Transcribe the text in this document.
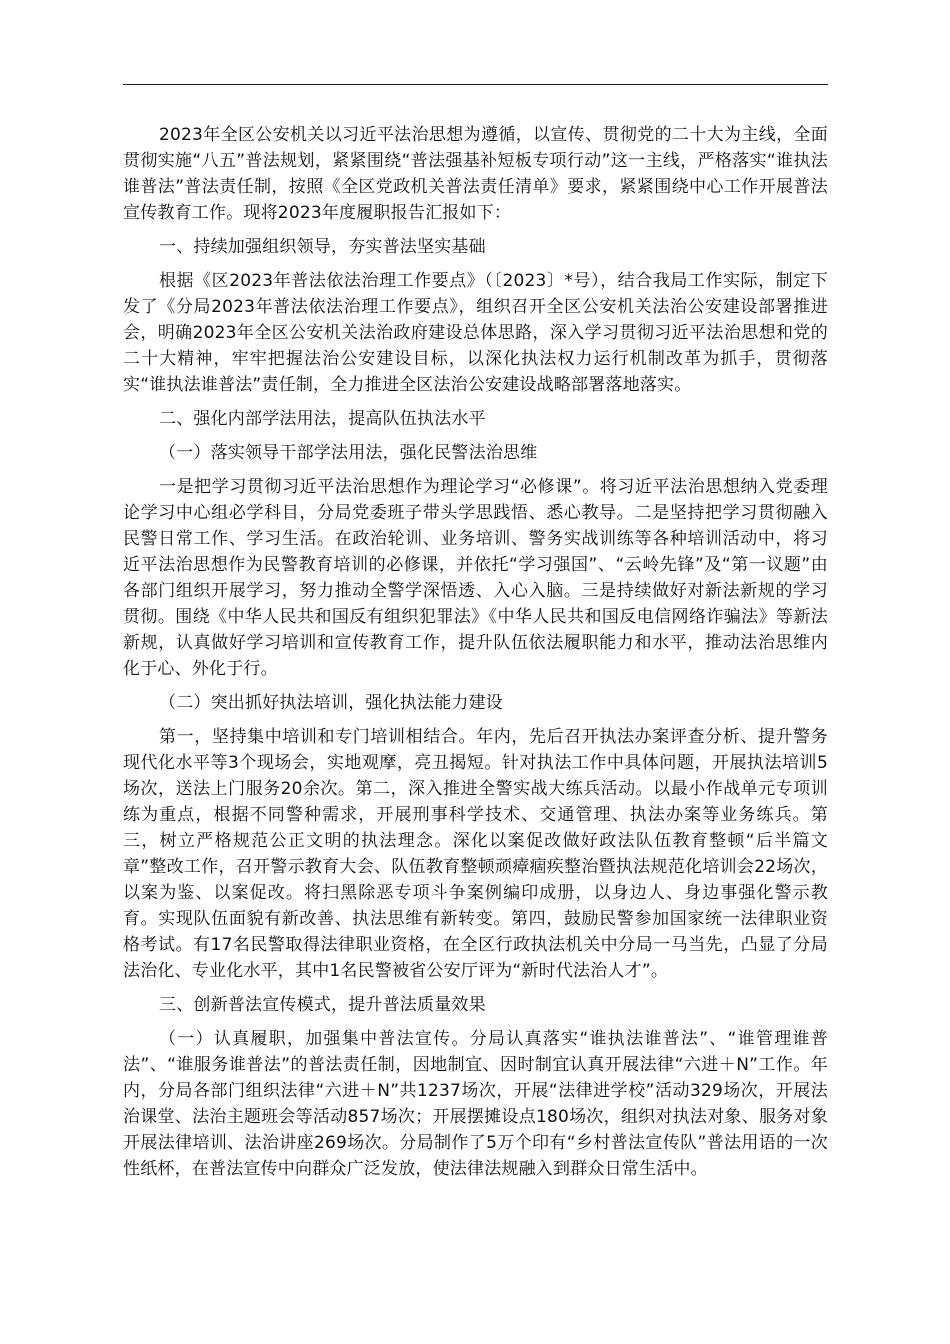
2023年全区公安机关以习近平法治思想为遵循，以宣传、贯彻党的二十大为主线，全面贯彻实施“八五”普法规划，紧紧围绕“普法强基补短板专项行动”这一主线，严格落实“谁执法谁普法”普法责任制，按照《全区党政机关普法责任清单》要求，紧紧围绕中心工作开展普法宣传教育工作。现将2023年度履职报告汇报如下：

一、持续加强组织领导，夯实普法坚实基础

根据《区2023年普法依法治理工作要点》（〔2023〕*号），结合我局工作实际，制定下发了《分局2023年普法依法治理工作要点》，组织召开全区公安机关法治公安建设部署推进会，明确2023年全区公安机关法治政府建设总体思路，深入学习贯彻习近平法治思想和党的二十大精神，牢牢把握法治公安建设目标，以深化执法权力运行机制改革为抓手，贯彻落实“谁执法谁普法”责任制，全力推进全区法治公安建设战略部署落地落实。

二、强化内部学法用法，提高队伍执法水平

（一）落实领导干部学法用法，强化民警法治思维

一是把学习贯彻习近平法治思想作为理论学习“必修课”。将习近平法治思想纳入党委理论学习中心组必学科目，分局党委班子带头学思践悟、悉心教导。二是坚持把学习贯彻融入民警日常工作、学习生活。在政治轮训、业务培训、警务实战训练等各种培训活动中，将习近平法治思想作为民警教育培训的必修课，并依托“学习强国”、“云岭先锋”及“第一议题”由各部门组织开展学习，努力推动全警学深悟透、入心入脑。三是持续做好对新法新规的学习贯彻。围绕《中华人民共和国反有组织犯罪法》《中华人民共和国反电信网络诈骗法》等新法新规，认真做好学习培训和宣传教育工作，提升队伍依法履职能力和水平，推动法治思维内化于心、外化于行。

（二）突出抓好执法培训，强化执法能力建设

第一，坚持集中培训和专门培训相结合。年内，先后召开执法办案评查分析、提升警务现代化水平等3个现场会，实地观摩，亮丑揭短。针对执法工作中具体问题，开展执法培训5场次，送法上门服务20余次。第二，深入推进全警实战大练兵活动。以最小作战单元专项训练为重点，根据不同警种需求，开展刑事科学技术、交通管理、执法办案等业务练兵。第三，树立严格规范公正文明的执法理念。深化以案促改做好政法队伍教育整顿“后半篇文章”整改工作，召开警示教育大会、队伍教育整顿顽瘴痼疾整治暨执法规范化培训会22场次，以案为鉴、以案促改。将扫黑除恶专项斗争案例编印成册，以身边人、身边事强化警示教育。实现队伍面貌有新改善、执法思维有新转变。第四，鼓励民警参加国家统一法律职业资格考试。有17名民警取得法律职业资格，在全区行政执法机关中分局一马当先，凸显了分局法治化、专业化水平，其中1名民警被省公安厅评为“新时代法治人才”。

三、创新普法宣传模式，提升普法质量效果

（一）认真履职，加强集中普法宣传。分局认真落实“谁执法谁普法”、“谁管理谁普法”、“谁服务谁普法”的普法责任制，因地制宜、因时制宜认真开展法律“六进＋N”工作。年内，分局各部门组织法律“六进＋N”共1237场次，开展“法律进学校”活动329场次，开展法治课堂、法治主题班会等活动857场次；开展摆摊设点180场次，组织对执法对象、服务对象开展法律培训、法治讲座269场次。分局制作了5万个印有“乡村普法宣传队”普法用语的一次性纸杯，在普法宣传中向群众广泛发放，使法律法规融入到群众日常生活中。
